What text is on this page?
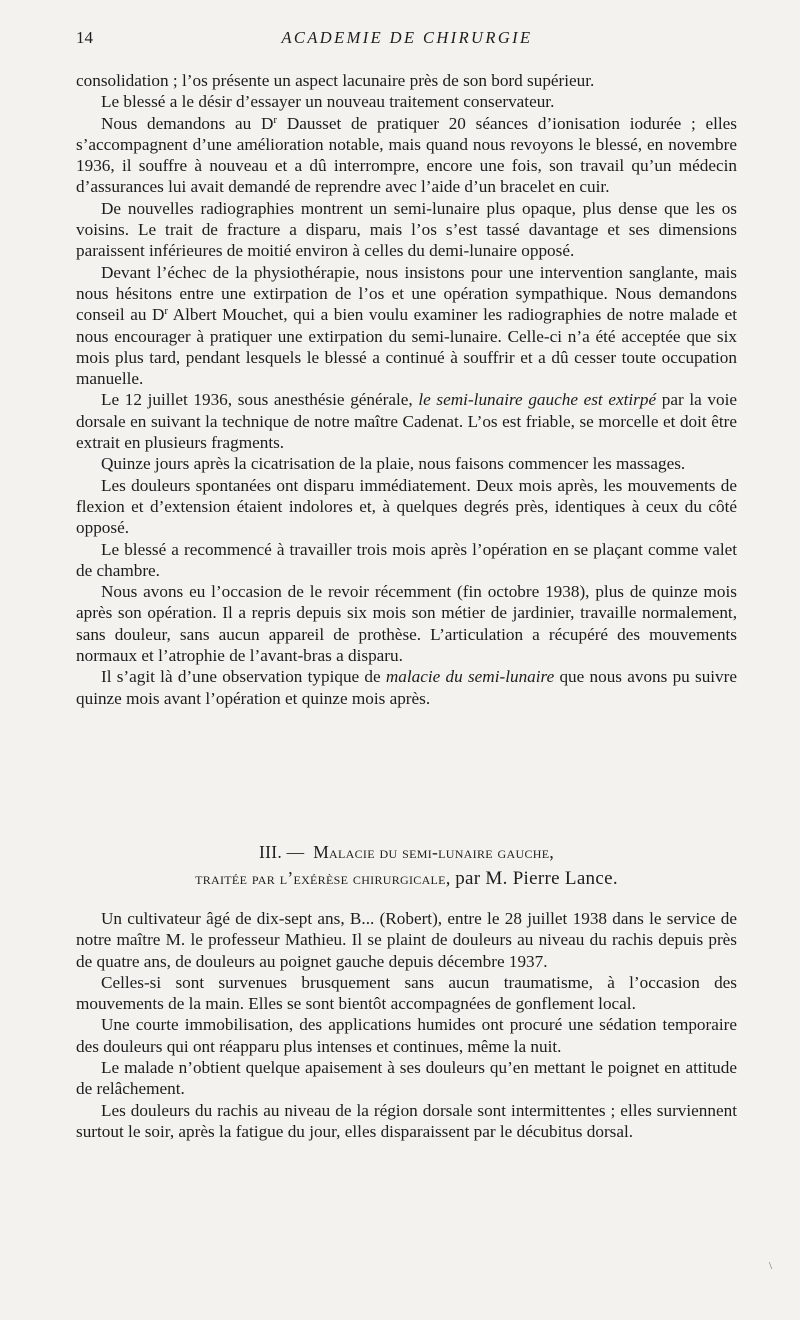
14	ACADEMIE DE CHIRURGIE

consolidation ; l’os présente un aspect lacunaire près de son bord supérieur.

Le blessé a le désir d’essayer un nouveau traitement conservateur.

Nous demandons au $D^r$ Dausset de pratiquer 20 séances d’ionisation iodurée ; elles s’accompagnent d’une amélioration notable, mais quand nous revoyons le blessé, en novembre 1936, il souffre à nouveau et a dû interrompre, encore une fois, son travail qu’un médecin d’assurances lui avait demandé de reprendre avec l’aide d’un bracelet en cuir.

De nouvelles radiographies montrent un semi-lunaire plus opaque, plus dense que les os voisins. Le trait de fracture a disparu, mais l’os s’est tassé davantage et ses dimensions paraissent inférieures de moitié environ à celles du demi-lunaire opposé.

Devant l’échec de la physiothérapie, nous insistons pour une intervention sanglante, mais nous hésitons entre une extirpation de l’os et une opération sympathique. Nous demandons conseil au $D^r$ Albert Mouchet, qui a bien voulu examiner les radiographies de notre malade et nous encourager à pratiquer une extirpation du semi-lunaire. Celle-ci n’a été acceptée que six mois plus tard, pendant lesquels le blessé a continué à souffrir et a dû cesser toute occupation manuelle.

Le 12 juillet 1936, sous anesthésie générale, le semi-lunaire gauche est extirpé par la voie dorsale en suivant la technique de notre maître Cadenat. L’os est friable, se morcelle et doit être extrait en plusieurs fragments.

Quinze jours après la cicatrisation de la plaie, nous faisons commencer les massages.

Les douleurs spontanées ont disparu immédiatement. Deux mois après, les mouvements de flexion et d’extension étaient indolores et, à quelques degrés près, identiques à ceux du côté opposé.

Le blessé a recommencé à travailler trois mois après l’opération en se plaçant comme valet de chambre.

Nous avons eu l’occasion de le revoir récemment (fin octobre 1938), plus de quinze mois après son opération. Il a repris depuis six mois son métier de jardinier, travaille normalement, sans douleur, sans aucun appareil de prothèse. L’articulation a récupéré des mouvements normaux et l’atrophie de l’avant-bras a disparu.

Il s’agit là d’une observation typique de malacie du semi-lunaire que nous avons pu suivre quinze mois avant l’opération et quinze mois après.

III. — Malacie du semi-lunaire gauche,
traitée par l’exérèse chirurgicale, par M. Pierre Lance.

Un cultivateur âgé de dix-sept ans, B... (Robert), entre le 28 juillet 1938 dans le service de notre maître M. le professeur Mathieu. Il se plaint de douleurs au niveau du rachis depuis près de quatre ans, de douleurs au poignet gauche depuis décembre 1937.

Celles-si sont survenues brusquement sans aucun traumatisme, à l’occasion des mouvements de la main. Elles se sont bientôt accompagnées de gonflement local.

Une courte immobilisation, des applications humides ont procuré une sédation temporaire des douleurs qui ont réapparu plus intenses et continues, même la nuit.

Le malade n’obtient quelque apaisement à ses douleurs qu’en mettant le poignet en attitude de relâchement.

Les douleurs du rachis au niveau de la région dorsale sont intermittentes ; elles surviennent surtout le soir, après la fatigue du jour, elles disparaissent par le décubitus dorsal.

\
